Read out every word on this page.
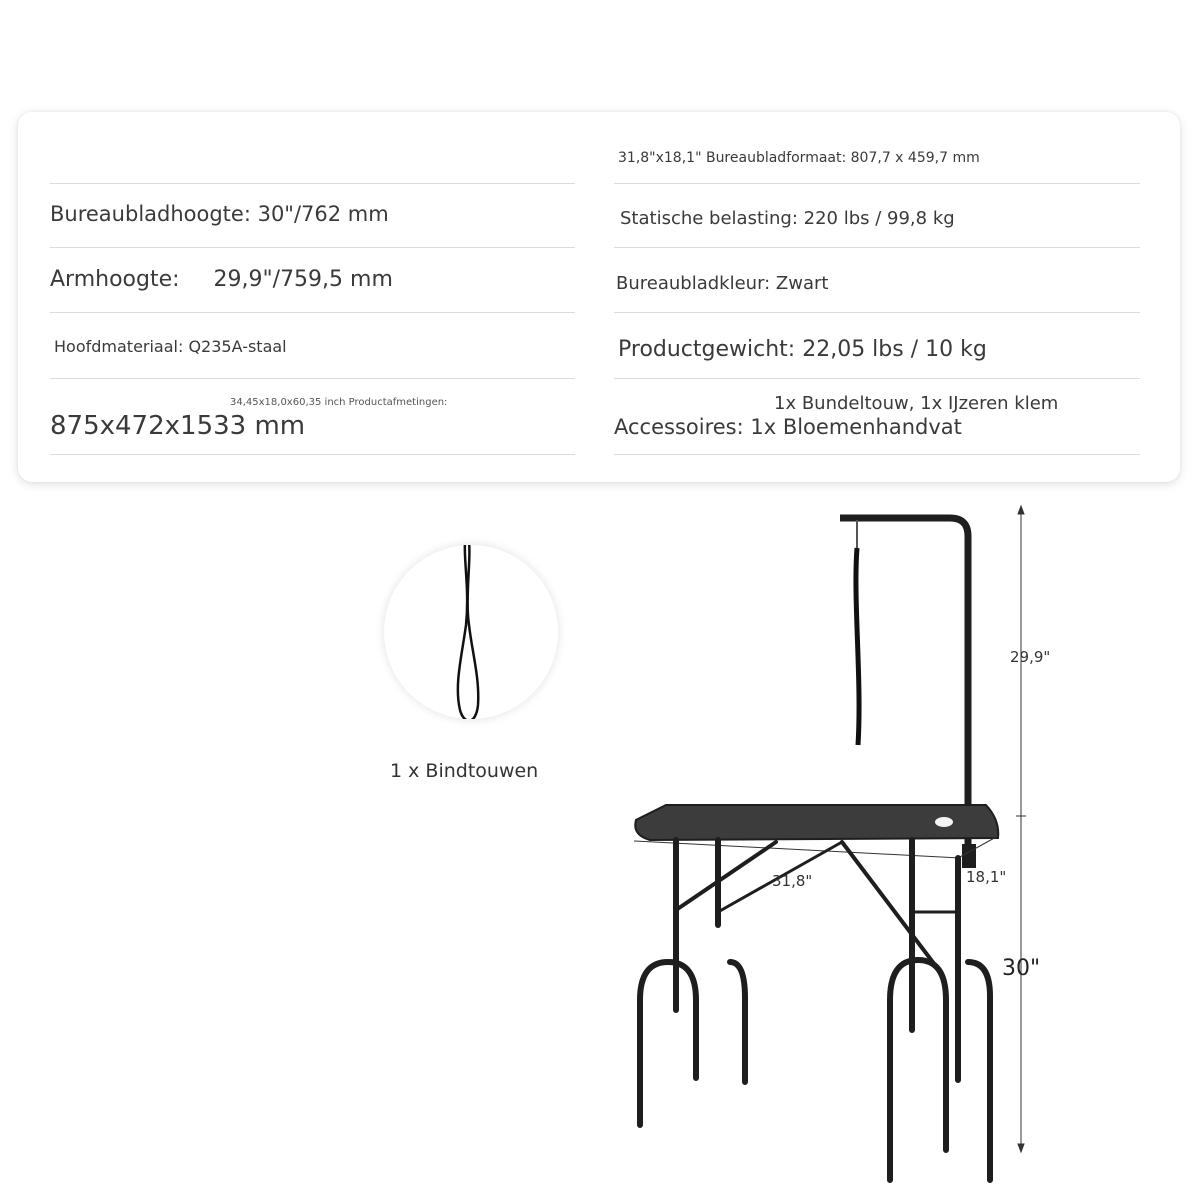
Bureaubladhoogte: 30"/762 mm
Armhoogte: 29,9"/759,5 mm
Hoofdmateriaal: Q235A-staal
34,45x18,0x60,35 inch Productafmetingen:
875x472x1533 mm
31,8"x18,1" Bureaubladformaat: 807,7 x 459,7 mm
Statische belasting: 220 lbs / 99,8 kg
Bureaubladkleur: Zwart
Productgewicht: 22,05 lbs / 10 kg
1x Bundeltouw, 1x IJzeren klem
Accessoires: 1x Bloemenhandvat
1 x Bindtouwen
29,9"
31,8"	18,1"
30"
